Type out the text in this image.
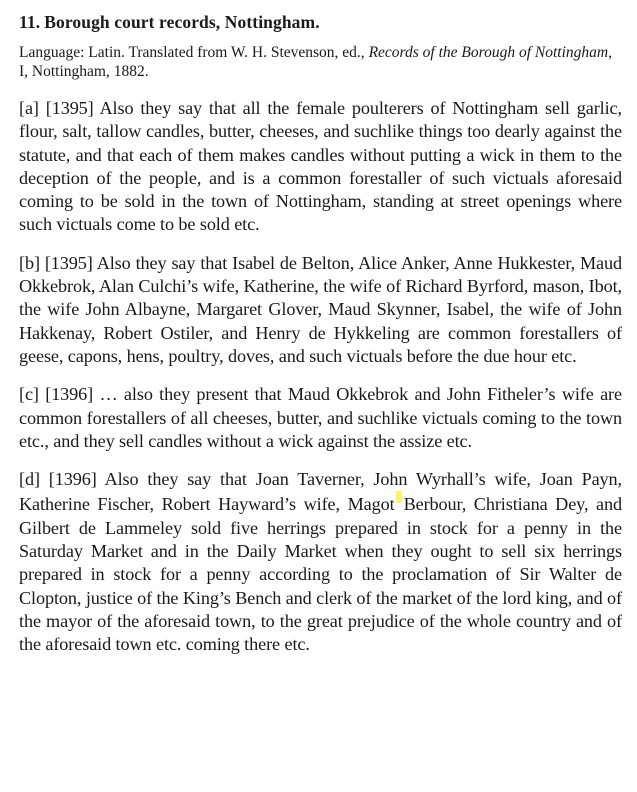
11. Borough court records, Nottingham.
Language: Latin. Translated from W. H. Stevenson, ed., Records of the Borough of Nottingham, I, Nottingham, 1882.
[a] [1395] Also they say that all the female poulterers of Nottingham sell garlic, flour, salt, tallow candles, butter, cheeses, and suchlike things too dearly against the statute, and that each of them makes candles without putting a wick in them to the deception of the people, and is a common forestaller of such victuals aforesaid coming to be sold in the town of Nottingham, standing at street openings where such victuals come to be sold etc.
[b] [1395] Also they say that Isabel de Belton, Alice Anker, Anne Hukkester, Maud Okkebrok, Alan Culchi’s wife, Katherine, the wife of Richard Byrford, mason, Ibot, the wife John Albayne, Margaret Glover, Maud Skynner, Isabel, the wife of John Hakkenay, Robert Ostiler, and Henry de Hykkeling are common forestallers of geese, capons, hens, poultry, doves, and such victuals before the due hour etc.
[c] [1396] … also they present that Maud Okkebrok and John Fitheler’s wife are common forestallers of all cheeses, butter, and suchlike victuals coming to the town etc., and they sell candles without a wick against the assize etc.
[d] [1396] Also they say that Joan Taverner, John Wyrhall’s wife, Joan Payn, Katherine Fischer, Robert Hayward’s wife, Magot Berbour, Christiana Dey, and Gilbert de Lammeley sold five herrings prepared in stock for a penny in the Saturday Market and in the Daily Market when they ought to sell six herrings prepared in stock for a penny according to the proclamation of Sir Walter de Clopton, justice of the King’s Bench and clerk of the market of the lord king, and of the mayor of the aforesaid town, to the great prejudice of the whole country and of the aforesaid town etc. coming there etc.
